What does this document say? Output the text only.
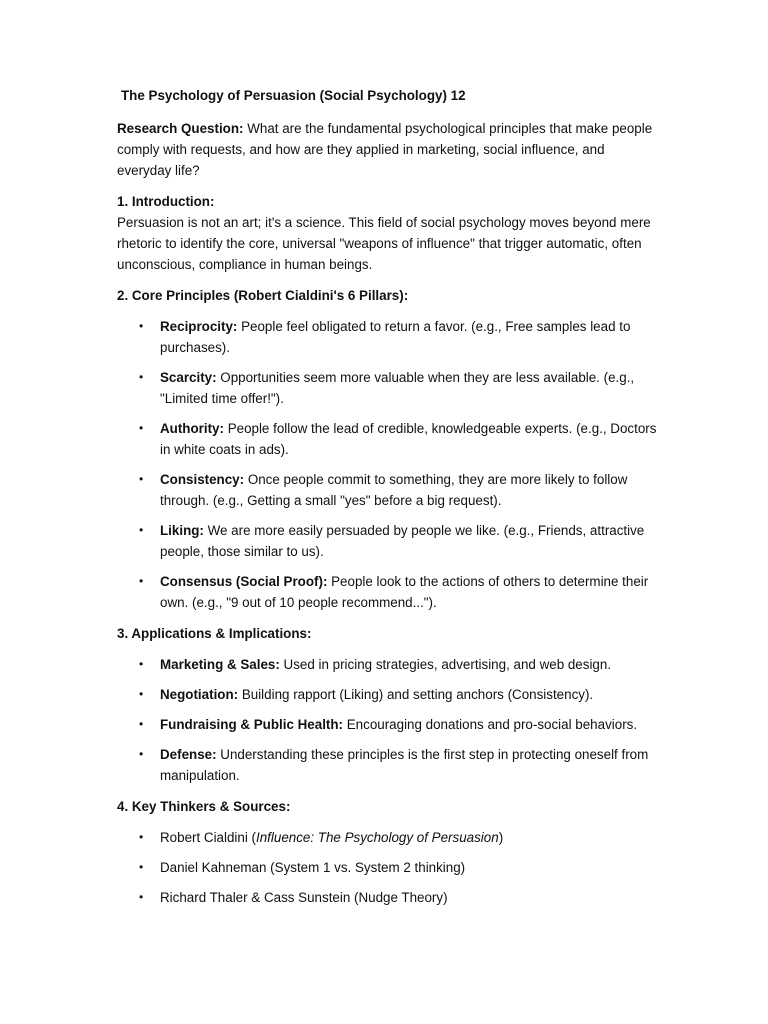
The Psychology of Persuasion (Social Psychology) 12

Research Question: What are the fundamental psychological principles that make people comply with requests, and how are they applied in marketing, social influence, and everyday life?

1. Introduction:

Persuasion is not an art; it's a science. This field of social psychology moves beyond mere rhetoric to identify the core, universal "weapons of influence" that trigger automatic, often unconscious, compliance in human beings.

2. Core Principles (Robert Cialdini's 6 Pillars):
• Reciprocity: People feel obligated to return a favor. (e.g., Free samples lead to purchases).
• Scarcity: Opportunities seem more valuable when they are less available. (e.g., "Limited time offer!").
• Authority: People follow the lead of credible, knowledgeable experts. (e.g., Doctors in white coats in ads).
• Consistency: Once people commit to something, they are more likely to follow through. (e.g., Getting a small "yes" before a big request).
• Liking: We are more easily persuaded by people we like. (e.g., Friends, attractive people, those similar to us).
• Consensus (Social Proof): People look to the actions of others to determine their own. (e.g., "9 out of 10 people recommend...").
3. Applications & Implications:
• Marketing & Sales: Used in pricing strategies, advertising, and web design.
• Negotiation: Building rapport (Liking) and setting anchors (Consistency).
• Fundraising & Public Health: Encouraging donations and pro-social behaviors.
• Defense: Understanding these principles is the first step in protecting oneself from manipulation.
4. Key Thinkers & Sources:
• Robert Cialdini (Influence: The Psychology of Persuasion)
• Daniel Kahneman (System 1 vs. System 2 thinking)
• Richard Thaler & Cass Sunstein (Nudge Theory)
